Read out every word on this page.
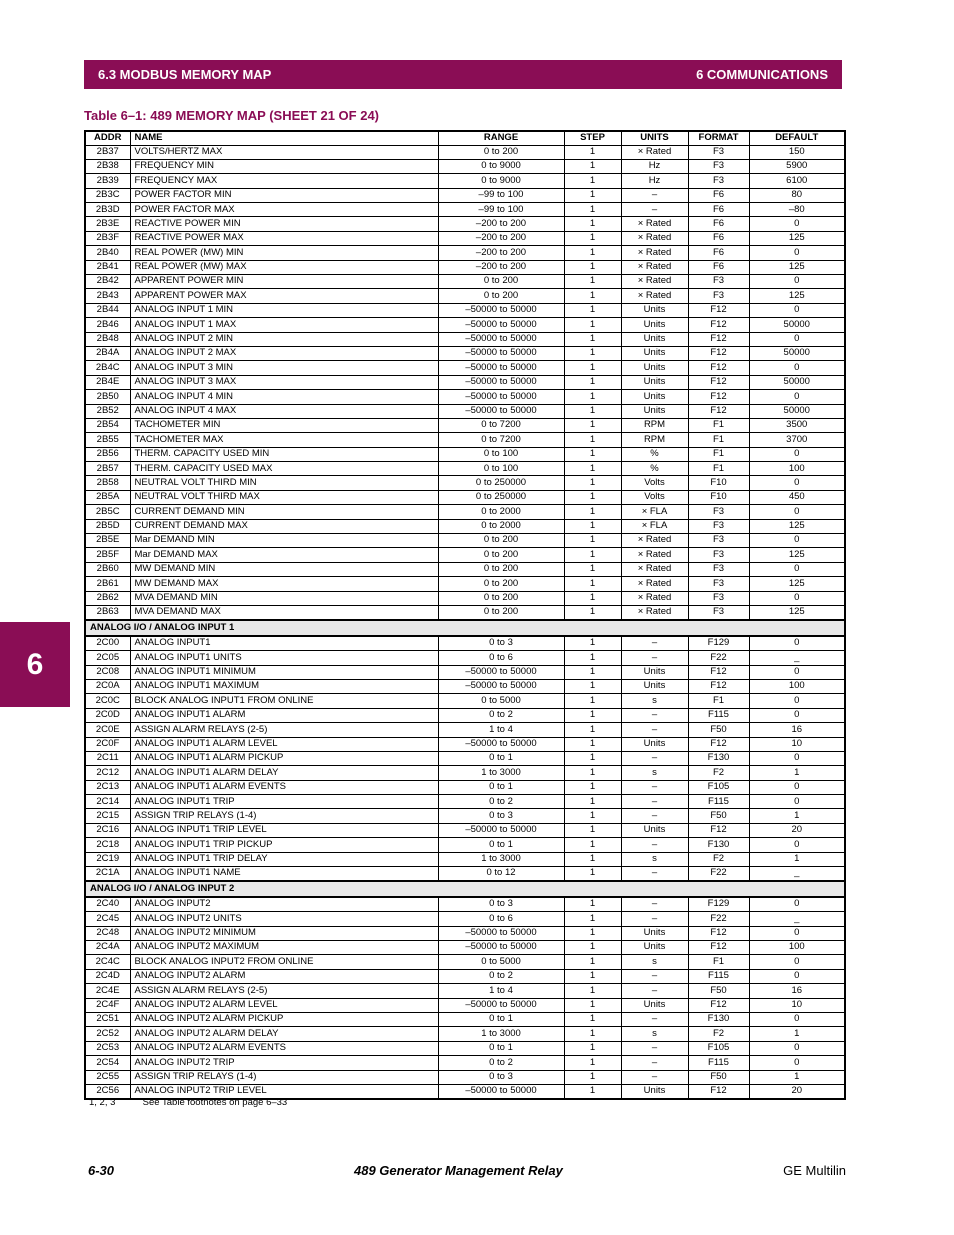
6.3 MODBUS MEMORY MAP	6 COMMUNICATIONS
6
Table 6–1: 489 MEMORY MAP (SHEET 21 OF 24)
ADDR	NAME	RANGE	STEP	UNITS	FORMAT	DEFAULT
2B37	VOLTS/HERTZ MAX	0 to 200	1	× Rated	F3	150
2B38	FREQUENCY MIN	0 to 9000	1	Hz	F3	5900
2B39	FREQUENCY MAX	0 to 9000	1	Hz	F3	6100
2B3C	POWER FACTOR MIN	–99 to 100	1	–	F6	80
2B3D	POWER FACTOR MAX	–99 to 100	1	–	F6	–80
2B3E	REACTIVE POWER MIN	–200 to 200	1	× Rated	F6	0
2B3F	REACTIVE POWER MAX	–200 to 200	1	× Rated	F6	125
2B40	REAL POWER (MW) MIN	–200 to 200	1	× Rated	F6	0
2B41	REAL POWER (MW) MAX	–200 to 200	1	× Rated	F6	125
2B42	APPARENT POWER MIN	0 to 200	1	× Rated	F3	0
2B43	APPARENT POWER MAX	0 to 200	1	× Rated	F3	125
2B44	ANALOG INPUT 1 MIN	–50000 to 50000	1	Units	F12	0
2B46	ANALOG INPUT 1 MAX	–50000 to 50000	1	Units	F12	50000
2B48	ANALOG INPUT 2 MIN	–50000 to 50000	1	Units	F12	0
2B4A	ANALOG INPUT 2 MAX	–50000 to 50000	1	Units	F12	50000
2B4C	ANALOG INPUT 3 MIN	–50000 to 50000	1	Units	F12	0
2B4E	ANALOG INPUT 3 MAX	–50000 to 50000	1	Units	F12	50000
2B50	ANALOG INPUT 4 MIN	–50000 to 50000	1	Units	F12	0
2B52	ANALOG INPUT 4 MAX	–50000 to 50000	1	Units	F12	50000
2B54	TACHOMETER MIN	0 to 7200	1	RPM	F1	3500
2B55	TACHOMETER MAX	0 to 7200	1	RPM	F1	3700
2B56	THERM. CAPACITY USED MIN	0 to 100	1	%	F1	0
2B57	THERM. CAPACITY USED MAX	0 to 100	1	%	F1	100
2B58	NEUTRAL VOLT THIRD MIN	0 to 250000	1	Volts	F10	0
2B5A	NEUTRAL VOLT THIRD MAX	0 to 250000	1	Volts	F10	450
2B5C	CURRENT DEMAND MIN	0 to 2000	1	× FLA	F3	0
2B5D	CURRENT DEMAND MAX	0 to 2000	1	× FLA	F3	125
2B5E	Mar DEMAND MIN	0 to 200	1	× Rated	F3	0
2B5F	Mar DEMAND MAX	0 to 200	1	× Rated	F3	125
2B60	MW DEMAND MIN	0 to 200	1	× Rated	F3	0
2B61	MW DEMAND MAX	0 to 200	1	× Rated	F3	125
2B62	MVA DEMAND MIN	0 to 200	1	× Rated	F3	0
2B63	MVA DEMAND MAX	0 to 200	1	× Rated	F3	125
ANALOG I/O / ANALOG INPUT 1						
2C00	ANALOG INPUT1	0 to 3	1	–	F129	0
2C05	ANALOG INPUT1 UNITS	0 to 6	1	–	F22	_
2C08	ANALOG INPUT1 MINIMUM	–50000 to 50000	1	Units	F12	0
2C0A	ANALOG INPUT1 MAXIMUM	–50000 to 50000	1	Units	F12	100
2C0C	BLOCK ANALOG INPUT1 FROM ONLINE	0 to 5000	1	s	F1	0
2C0D	ANALOG INPUT1 ALARM	0 to 2	1	–	F115	0
2C0E	ASSIGN ALARM RELAYS (2-5)	1 to 4	1	–	F50	16
2C0F	ANALOG INPUT1 ALARM LEVEL	–50000 to 50000	1	Units	F12	10
2C11	ANALOG INPUT1 ALARM PICKUP	0 to 1	1	–	F130	0
2C12	ANALOG INPUT1 ALARM DELAY	1 to 3000	1	s	F2	1
2C13	ANALOG INPUT1 ALARM EVENTS	0 to 1	1	–	F105	0
2C14	ANALOG INPUT1 TRIP	0 to 2	1	–	F115	0
2C15	ASSIGN TRIP RELAYS (1-4)	0 to 3	1	–	F50	1
2C16	ANALOG INPUT1 TRIP LEVEL	–50000 to 50000	1	Units	F12	20
2C18	ANALOG INPUT1 TRIP PICKUP	0 to 1	1	–	F130	0
2C19	ANALOG INPUT1 TRIP DELAY	1 to 3000	1	s	F2	1
2C1A	ANALOG INPUT1 NAME	0 to 12	1	–	F22	_
ANALOG I/O / ANALOG INPUT 2						
2C40	ANALOG INPUT2	0 to 3	1	–	F129	0
2C45	ANALOG INPUT2 UNITS	0 to 6	1	–	F22	_
2C48	ANALOG INPUT2 MINIMUM	–50000 to 50000	1	Units	F12	0
2C4A	ANALOG INPUT2 MAXIMUM	–50000 to 50000	1	Units	F12	100
2C4C	BLOCK ANALOG INPUT2 FROM ONLINE	0 to 5000	1	s	F1	0
2C4D	ANALOG INPUT2 ALARM	0 to 2	1	–	F115	0
2C4E	ASSIGN ALARM RELAYS (2-5)	1 to 4	1	–	F50	16
2C4F	ANALOG INPUT2 ALARM LEVEL	–50000 to 50000	1	Units	F12	10
2C51	ANALOG INPUT2 ALARM PICKUP	0 to 1	1	–	F130	0
2C52	ANALOG INPUT2 ALARM DELAY	1 to 3000	1	s	F2	1
2C53	ANALOG INPUT2 ALARM EVENTS	0 to 1	1	–	F105	0
2C54	ANALOG INPUT2 TRIP	0 to 2	1	–	F115	0
2C55	ASSIGN TRIP RELAYS (1-4)	0 to 3	1	–	F50	1
2C56	ANALOG INPUT2 TRIP LEVEL	–50000 to 50000	1	Units	F12	20
1, 2, 3	See Table footnotes on page 6–33
6-30	489 Generator Management Relay	GE Multilin
